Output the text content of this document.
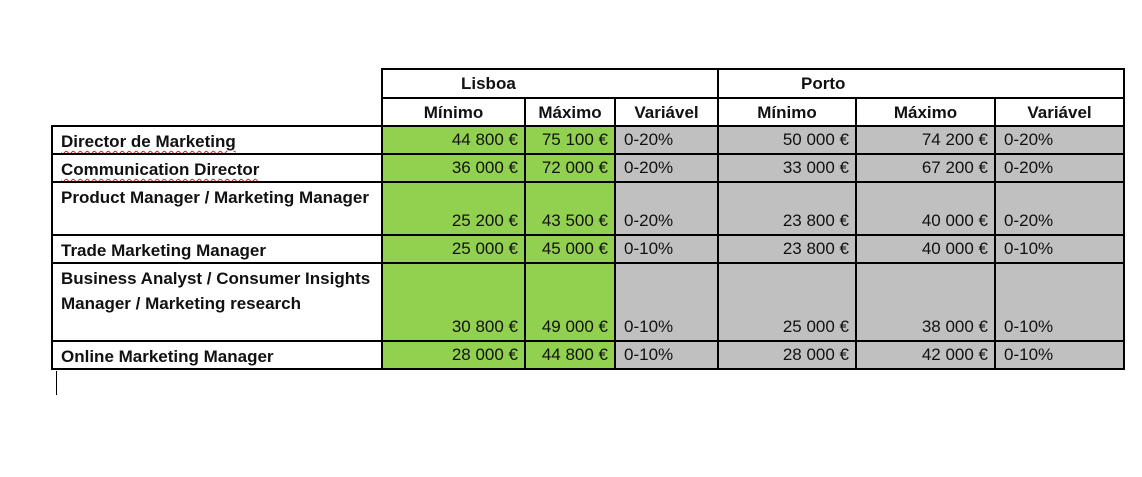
Lisboa	Porto
Mínimo	Máximo	Variável	Mínimo	Máximo	Variável
Director de Marketing	44 800 €	75 100 € 0-20%	50 000 €	74 200 € 0-20%
Communication Director	36 000 €	72 000 € 0-20%	33 000 €	67 200 € 0-20%
Product Manager / Marketing Manager
25 200 €	43 500 € 0-20%	23 800 €	40 000 € 0-20%
Trade Marketing Manager	25 000 €	45 000 € 0-10%	23 800 €	40 000 € 0-10%
Business Analyst / Consumer Insights Manager / Marketing research
30 800 €	49 000 € 0-10%	25 000 €	38 000 € 0-10%
Online Marketing Manager	28 000 €	44 800 € 0-10%	28 000 €	42 000 € 0-10%
